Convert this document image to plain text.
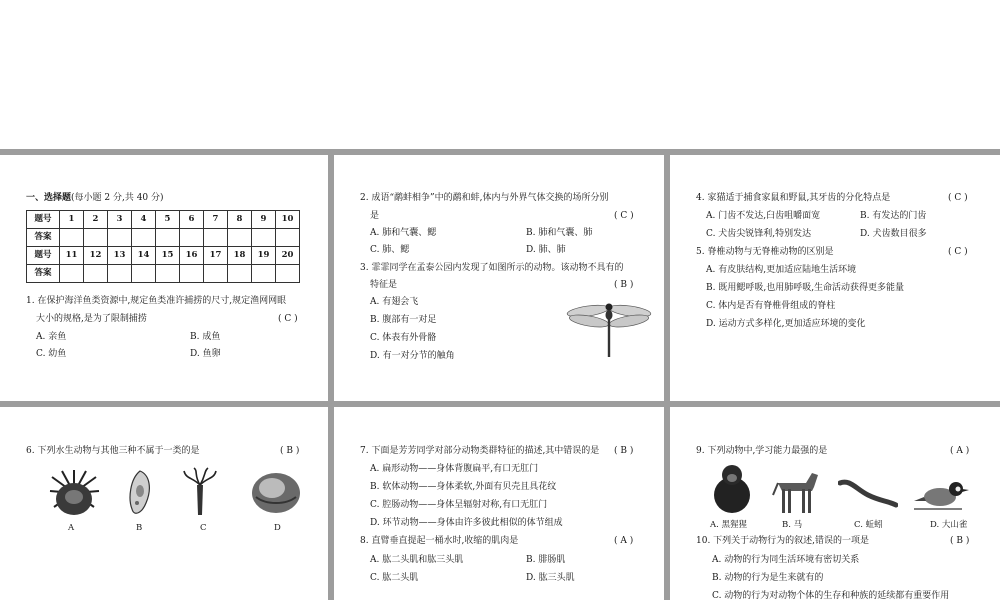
一、选择题(每小题 2 分,共 40 分)
题号	1	2	3	4	5	6	7	8	9	10
答案										
题号	11	12	13	14	15	16	17	18	19	20
答案										
1. 在保护海洋鱼类资源中,规定鱼类准许捕捞的尺寸,规定渔网网眼
大小的规格,是为了限制捕捞	( C )
A. 亲鱼	B. 成鱼
C. 幼鱼	D. 鱼卵
2. 成语“鹬蚌相争”中的鹬和蚌,体内与外界气体交换的场所分别
是	( C )
A. 肺和气囊、鳃	B. 肺和气囊、肺
C. 肺、鳃	D. 肺、肺
3. 霏霏同学在孟泰公园内发现了如图所示的动物。该动物不具有的
特征是	( B )
A. 有翅会飞
B. 腹部有一对足
C. 体表有外骨骼
D. 有一对分节的触角
4. 家猫适于捕食家鼠和野鼠,其牙齿的分化特点是	( C )
A. 门齿不发达,臼齿咀嚼面宽	B. 有发达的门齿
C. 犬齿尖锐锋利,特别发达	D. 犬齿数目很多
5. 脊椎动物与无脊椎动物的区别是	( C )
A. 有皮肤结构,更加适应陆地生活环境
B. 既用鳃呼吸,也用肺呼吸,生命活动获得更多能量
C. 体内是否有脊椎骨组成的脊柱
D. 运动方式多样化,更加适应环境的变化
6. 下列水生动物与其他三种不属于一类的是	( B )
A	B	C	D
7. 下面是芳芳同学对部分动物类群特征的描述,其中错误的是 ( B )
A. 扁形动物——身体背腹扁平,有口无肛门
B. 软体动物——身体柔软,外面有贝壳且具花纹
C. 腔肠动物——身体呈辐射对称,有口无肛门
D. 环节动物——身体由许多彼此相似的体节组成
8. 直臂垂直提起一桶水时,收缩的肌肉是	( A )
A. 肱二头肌和肱三头肌	B. 腓肠肌
C. 肱二头肌	D. 肱三头肌
9. 下列动物中,学习能力最强的是	( A )
A. 黑猩猩	B. 马	C. 蚯蚓	D. 大山雀
10. 下列关于动物行为的叙述,错误的一项是	( B )
A. 动物的行为同生活环境有密切关系
B. 动物的行为是生来就有的
C. 动物的行为对动物个体的生存和种族的延续都有重要作用
